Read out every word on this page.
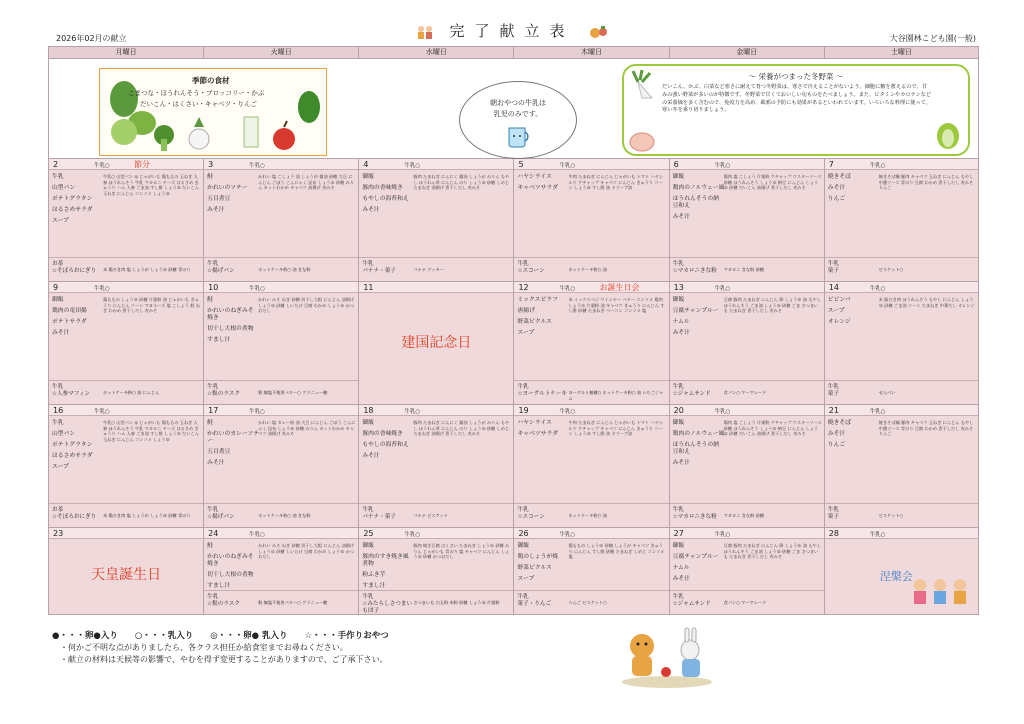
2026年02月の献立	完了献立表	大谷園林こども園(一般)
月曜日	火曜日	水曜日	木曜日	金曜日	土曜日
季節の食材
こまつな・ほうれんそう・ブロッコリー・かぶ
だいこん・はくさい・キャベツ・りんご	朝おやつの牛乳は
乳児のみです。
～ 栄養がつまった冬野菜 ～
だいこん、かぶ、白菜など寒さに耐えて育つ冬野菜は、寒さで冷えることがないよう、細胞に糖を蓄えるので、甘みの強い野菜が多いのが特徴です。冬野菜で甘くておいしい旬ものをたべましょう。また、ビタミンやカロテンなどの栄養価を多く含むので、免疫力を高め、風邪の予防にも効果があるといわれています。いろいろな料理に使って、寒い冬を乗り切りましょう。
2	牛乳○	節分
牛乳
山型パン
ポテトグラタン
はるさめサラダ
スープ
牛乳○ 山型パン ◎ じゃがいも 鶏ももの 玉ねぎ 人参 ほうれんそう 牛乳 マカロニ チーズ はるさめ きゅうり ハム 人参 ごま油 すし酢 しょうゆ だいこん 玉ねぎ にんじん コンソメ しょうゆ
お茶
☆そぼろおにぎり	米 鶏ひき肉 塩 しょうが しょうゆ 砂糖 青のり
3	牛乳○
鮭
かれいのソテー
五目煮豆
みそ汁
かれい 塩 こしょう 油 しょうが 醤油 砂糖 大豆 にんじん ごぼう こんにゃく 昆布 しょうゆ 砂糖 みりん カットわかめ キャベツ 油揚げ 麦みそ
牛乳
☆揚げパン	ホットケーキ粉○ 油 きな粉
4	牛乳○
御飯
豚肉の香味焼き
もやしの海苔和え
みそ汁
豚肉 たまねぎ にんにく 醤油 しょうが みりん もやし ほうれん草 にんじん のり しょうゆ 砂糖 しめじ たまねぎ 油揚げ 煮干しだし 麦みそ
牛乳
バナナ・菓子	バナナ クッキー
5	牛乳○
ハヤシライス
キャベツサラダ
牛肉 たまねぎ にんじん じゃがいも トマト ハヤシルウ ケチャップ キャベツ にんじん きゅうり コーン しょうゆ すし酢 油 オリーブ油
牛乳
☆スコーン	ホットケーキ粉○ 油
6	牛乳○
御飯
鶏肉のノルウェー風
ほうれんそうの納豆和え
みそ汁
鶏肉 塩 こしょう 片栗粉 ケチャップ ウスターソース 砂糖 ほうれんそう しょうゆ 納豆 にんじん しょうゆ 砂糖 だいこん 油揚げ 煮干しだし 麦みそ
牛乳
☆マカロニきな粉	マカロニ きな粉 砂糖
7	牛乳○
焼きそば
みそ汁
りんご
焼きそば麺 豚肉 キャベツ 玉ねぎ にんじん もやし 中濃ソース 青のり 豆腐 わかめ 煮干しだし 麦みそ りんご
牛乳
菓子	ビスケット○
9	牛乳○
御飯
鶏肉の竜田揚
ポテトサラダ
みそ汁
鶏ももの しょうゆ 砂糖 片栗粉 油 じゃがいも きゅうり にんじん コーン マヨネーズ 塩 こしょう 麩 ねぎ わかめ 煮干しだし 麦みそ
牛乳
☆人参マフィン	ホットケーキ粉○ 油 にんじん
10	牛乳○
鮭
かれいのねぎみそ焼き
切干し大根の煮物
すまし汁
かれい みそ ねぎ 砂糖 切干し大根 にんじん 油揚げ しょうゆ 砂糖 しいたけ 豆腐 わかめ しょうゆ かつおだし
牛乳
☆麩のラスク	麩 無塩不使用バター○ グラニュー糖
11
建国記念日
12	牛乳○	お誕生日会
ミックスピラフ
唐揚げ
野菜ピクルス
スープ
米 ミックスベジ ウインナー バター コンソメ 鶏肉 しょうゆ 片栗粉 油 キャベツ きゅうり にんじん すし酢 砂糖 たまねぎ ベーコン コンソメ 塩
牛乳
☆ヨーグルトケーキ ヨーグルト無糖○ ホットケーキ粉○ 油 いちごジャム
13	牛乳○
御飯
豆腐チャンプルー
ナムル
みそ汁
豆腐 豚肉 たまねぎ にんじん 卵 しょうゆ 油 もやし ほうれんそう ごま油 しょうゆ 砂糖 ごま さつまいも たまねぎ 煮干しだし 麦みそ
牛乳
☆ジャムサンド	食パン○ マーマレード
14	牛乳○
ビビンバ
スープ
オレンジ
米 豚ひき肉 ほうれんそう もやし にんじん しょうゆ 砂糖 ごま油 コーン たまねぎ 中華だし オレンジ
牛乳
菓子	せんべい
16	牛乳○
牛乳
山型パン
ポテトグラタン
はるさめサラダ
スープ
牛乳○ 山型パン ◎ じゃがいも 鶏ももの 玉ねぎ 人参 ほうれんそう 牛乳 マカロニ チーズ はるさめ きゅうり ハム 人参 ごま油 すし酢 しょうゆ だいこん 玉ねぎ にんじん コンソメ しょうゆ
お茶
☆そぼろおにぎり	米 鶏ひき肉 塩 しょうが しょうゆ 砂糖 青のり
17	牛乳○
鮭
かれいのカレーソテー
五目煮豆
みそ汁
かれい 塩 カレー粉 油 大豆 にんじん ごぼう こんにゃく 昆布 しょうゆ 砂糖 みりん カットわかめ キャベツ 油揚げ 麦みそ
牛乳
☆揚げパン	ホットケーキ粉○ 油 きな粉
18	牛乳○
御飯
豚肉の香味焼き
もやしの海苔和え
みそ汁
豚肉 たまねぎ にんにく 醤油 しょうが みりん もやし ほうれん草 にんじん のり しょうゆ 砂糖 しめじ たまねぎ 油揚げ 煮干しだし 麦みそ
牛乳
バナナ・菓子	バナナ ビスケット
19	牛乳○
ハヤシライス
キャベツサラダ
牛肉 たまねぎ にんじん じゃがいも トマト ハヤシルウ ケチャップ キャベツ にんじん きゅうり コーン しょうゆ すし酢 油 オリーブ油
牛乳
☆スコーン	ホットケーキ粉○ 油
20	牛乳○
御飯
鶏肉のノルウェー風
ほうれんそうの納豆和え
みそ汁
鶏肉 塩 こしょう 片栗粉 ケチャップ ウスターソース 砂糖 ほうれんそう しょうゆ 納豆 にんじん しょうゆ 砂糖 だいこん 油揚げ 煮干しだし 麦みそ
牛乳
☆マカロニきな粉	マカロニ きな粉 砂糖
21	牛乳○
焼きそば
みそ汁
りんご
焼きそば麺 豚肉 キャベツ 玉ねぎ にんじん もやし 中濃ソース 青のり 豆腐 わかめ 煮干しだし 麦みそ りんご
牛乳
菓子	ビスケット○
23
天皇誕生日
24	牛乳○
鮭
かれいのねぎみそ焼き
切干し大根の煮物
すまし汁
かれい みそ ねぎ 砂糖 切干し大根 にんじん 油揚げ しょうゆ 砂糖 しいたけ 豆腐 わかめ しょうゆ かつおだし
牛乳
☆麩のラスク	麩 無塩不使用バター○ グラニュー糖
25	牛乳○
御飯
豚肉のすき焼き風煮物
粉ふき芋
すまし汁
豚肉 焼き豆腐 はくさい たまねぎ しょうゆ 砂糖 みりん じゃがいも 青のり 塩 キャベツ にんじん しょうゆ 砂糖 かつおだし
牛乳
☆みたらしさつまいも団子
さつまいも 白玉粉 米粉 砂糖 しょうゆ 片栗粉
26	牛乳○
御飯
鶏のしょうが焼
野菜ピクルス
スープ
鶏ももの しょうゆ 砂糖 しょうが キャベツ きゅうり にんじん すし酢 砂糖 たまねぎ しめじ コンソメ 塩
牛乳
菓子・りんご	りんご ビスケット○
27	牛乳○
御飯
豆腐チャンプルー
ナムル
みそ汁
豆腐 豚肉 たまねぎ にんじん 卵 しょうゆ 油 もやし ほうれんそう ごま油 しょうゆ 砂糖 ごま さつまいも たまねぎ 煮干しだし 麦みそ
牛乳
☆ジャムサンド	食パン○ マーマレード
28	牛乳○
涅槃会
●・・・卵●入り　　○・・・乳入り　　◎・・・卵● 乳入り　　☆・・・手作りおやつ
・何かご不明な点がありましたら、各クラス担任か給食室までお尋ねください。
・献立の材料は天候等の影響で、やむを得ず変更することがありますので、ご了承下さい。
